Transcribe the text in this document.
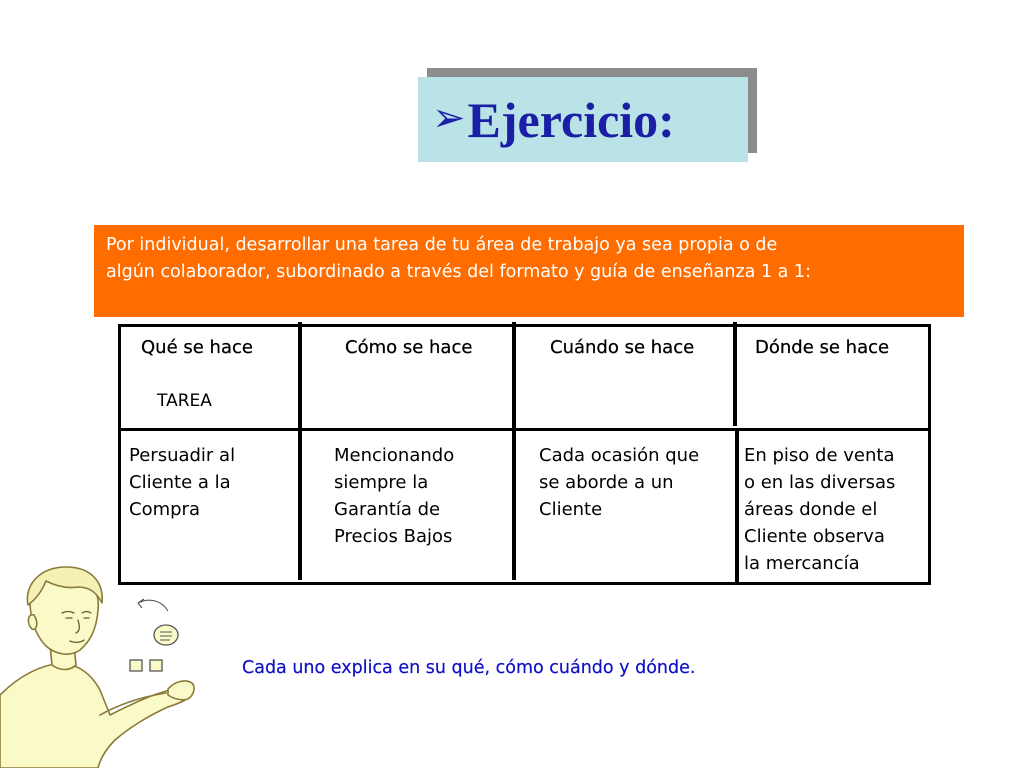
➢ Ejercicio:

Por individual, desarrollar una tarea de tu área de trabajo ya sea propia o de

algún colaborador, subordinado a través del formato y guía de enseñanza 1 a 1:

Qué se hace
TAREA
Cómo se hace	Cuándo se hace	Dónde se hace

Persuadir al
Cliente a la
Compra

Mencionando
siempre la
Garantía de
Precios Bajos

Cada ocasión que
se aborde a un
Cliente

En piso de venta
o en las diversas
áreas donde el
Cliente observa
la mercancía

Cada uno explica en su qué, cómo cuándo y dónde.
